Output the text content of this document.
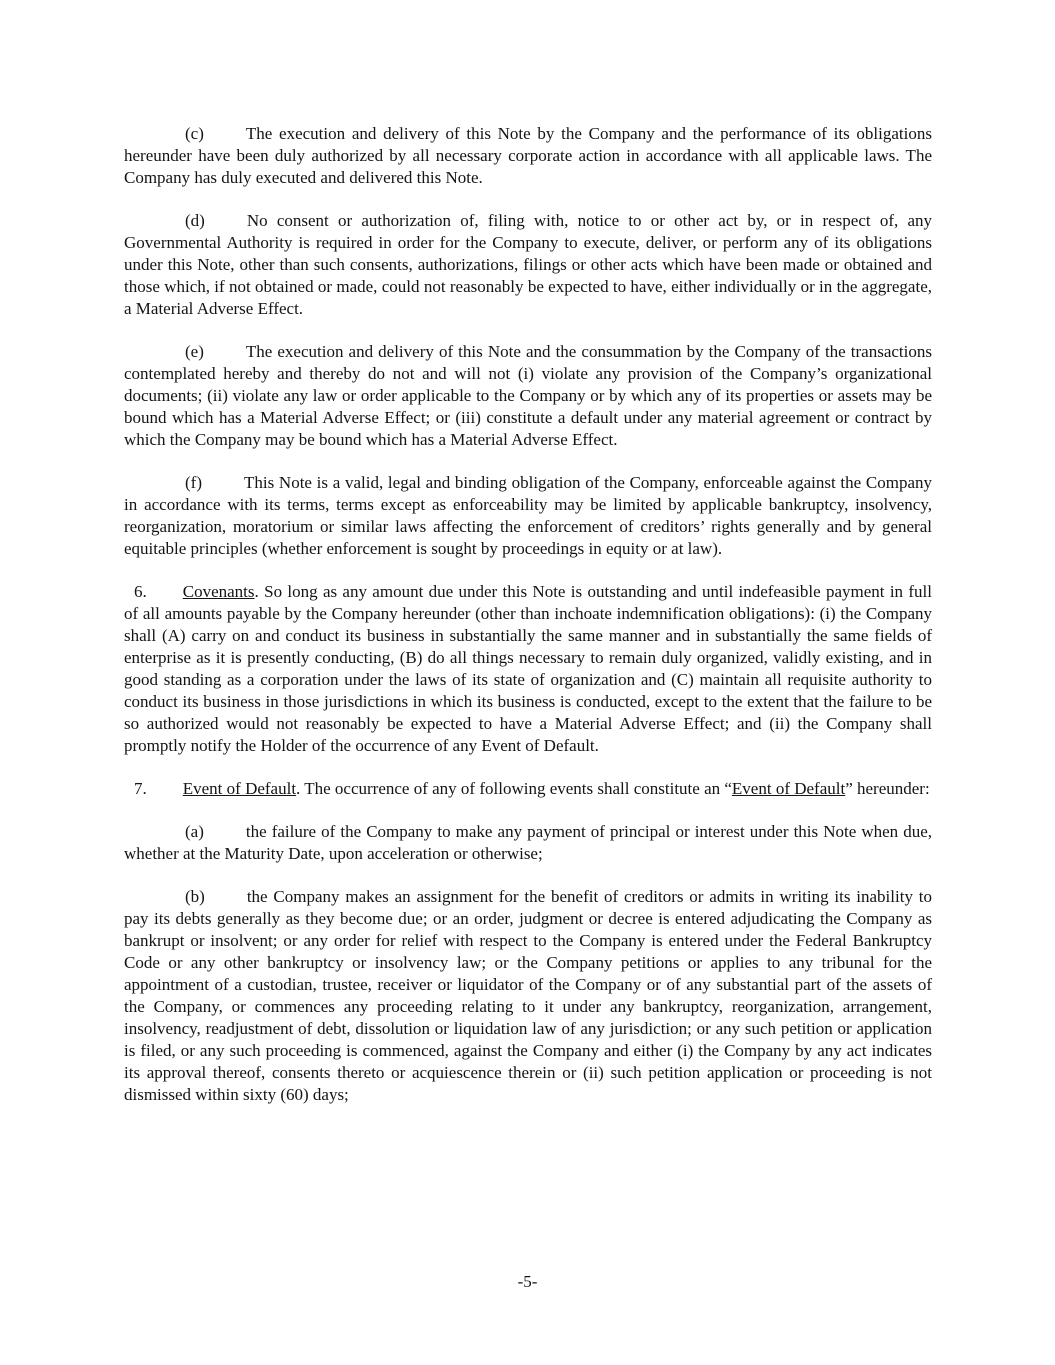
(c) The execution and delivery of this Note by the Company and the performance of its obligations hereunder have been duly authorized by all necessary corporate action in accordance with all applicable laws. The Company has duly executed and delivered this Note.

(d) No consent or authorization of, filing with, notice to or other act by, or in respect of, any Governmental Authority is required in order for the Company to execute, deliver, or perform any of its obligations under this Note, other than such consents, authorizations, filings or other acts which have been made or obtained and those which, if not obtained or made, could not reasonably be expected to have, either individually or in the aggregate, a Material Adverse Effect.

(e) The execution and delivery of this Note and the consummation by the Company of the transactions contemplated hereby and thereby do not and will not (i) violate any provision of the Company’s organizational documents; (ii) violate any law or order applicable to the Company or by which any of its properties or assets may be bound which has a Material Adverse Effect; or (iii) constitute a default under any material agreement or contract by which the Company may be bound which has a Material Adverse Effect.

(f) This Note is a valid, legal and binding obligation of the Company, enforceable against the Company in accordance with its terms, terms except as enforceability may be limited by applicable bankruptcy, insolvency, reorganization, moratorium or similar laws affecting the enforcement of creditors’ rights generally and by general equitable principles (whether enforcement is sought by proceedings in equity or at law).

6. Covenants. So long as any amount due under this Note is outstanding and until indefeasible payment in full of all amounts payable by the Company hereunder (other than inchoate indemnification obligations): (i) the Company shall (A) carry on and conduct its business in substantially the same manner and in substantially the same fields of enterprise as it is presently conducting, (B) do all things necessary to remain duly organized, validly existing, and in good standing as a corporation under the laws of its state of organization and (C) maintain all requisite authority to conduct its business in those jurisdictions in which its business is conducted, except to the extent that the failure to be so authorized would not reasonably be expected to have a Material Adverse Effect; and (ii) the Company shall promptly notify the Holder of the occurrence of any Event of Default.

7. Event of Default. The occurrence of any of following events shall constitute an “Event of Default” hereunder:

(a) the failure of the Company to make any payment of principal or interest under this Note when due, whether at the Maturity Date, upon acceleration or otherwise;

(b) the Company makes an assignment for the benefit of creditors or admits in writing its inability to pay its debts generally as they become due; or an order, judgment or decree is entered adjudicating the Company as bankrupt or insolvent; or any order for relief with respect to the Company is entered under the Federal Bankruptcy Code or any other bankruptcy or insolvency law; or the Company petitions or applies to any tribunal for the appointment of a custodian, trustee, receiver or liquidator of the Company or of any substantial part of the assets of the Company, or commences any proceeding relating to it under any bankruptcy, reorganization, arrangement, insolvency, readjustment of debt, dissolution or liquidation law of any jurisdiction; or any such petition or application is filed, or any such proceeding is commenced, against the Company and either (i) the Company by any act indicates its approval thereof, consents thereto or acquiescence therein or (ii) such petition application or proceeding is not dismissed within sixty (60) days;

-5-
